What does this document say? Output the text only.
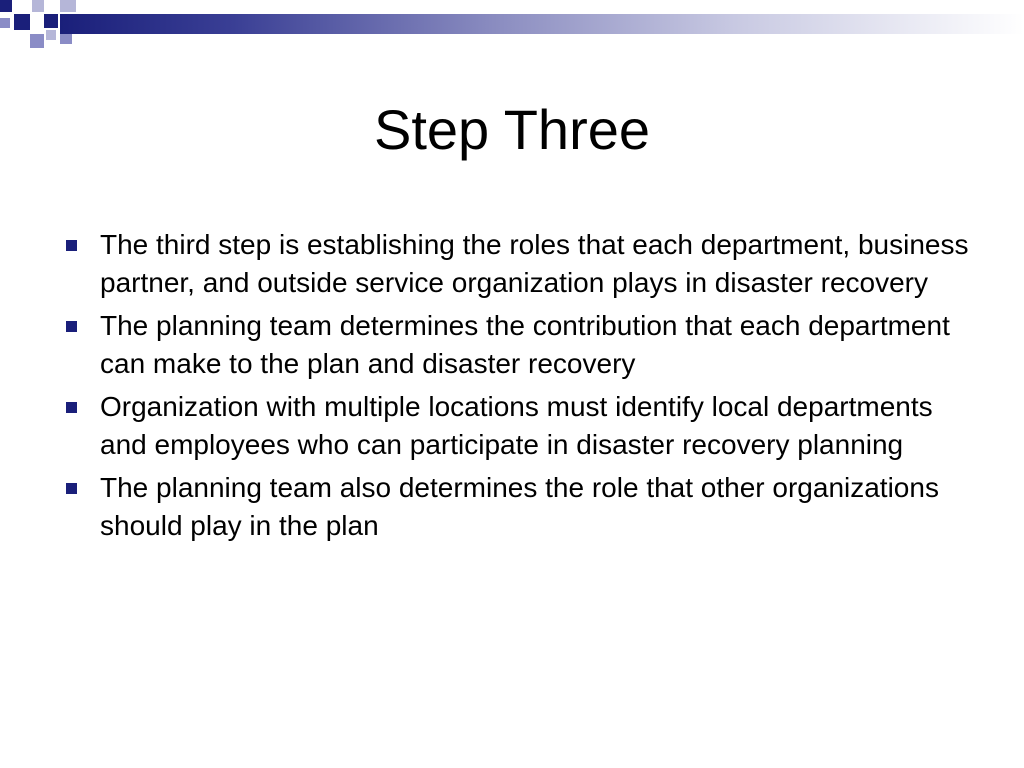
Step Three
The third step is establishing the roles that each department, business partner, and outside service organization plays in disaster recovery
The planning team determines the contribution that each department can make to the plan and disaster recovery
Organization with multiple locations must identify local departments and employees who can participate in disaster recovery planning
The planning team also determines the role that other organizations should play in the plan
